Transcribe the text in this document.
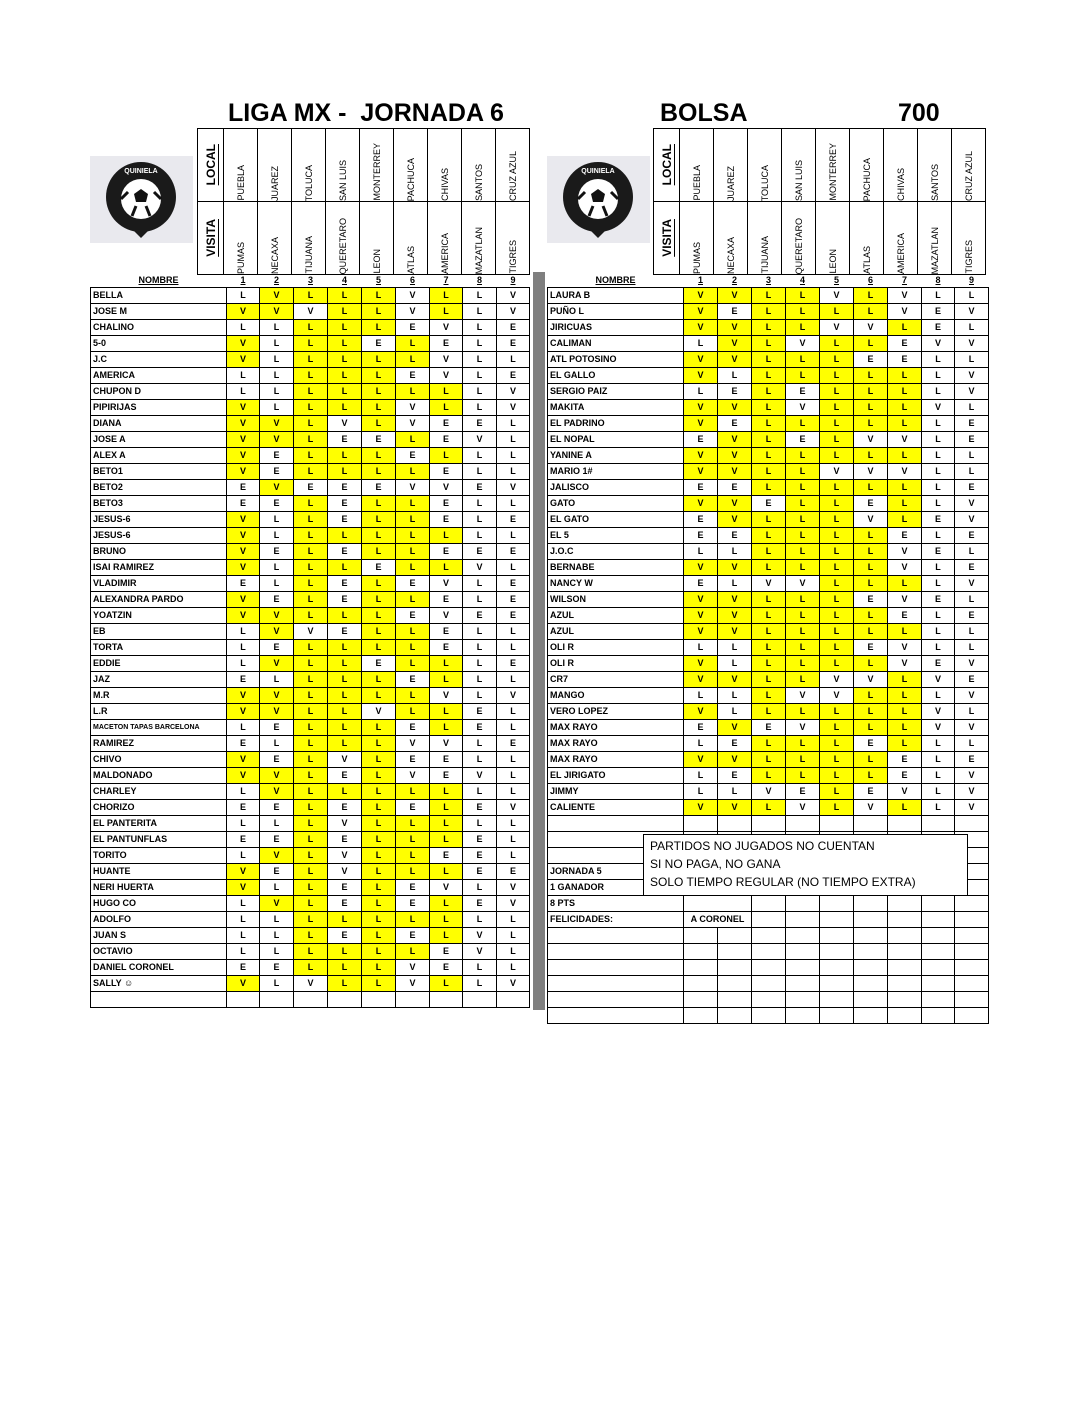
LIGA MX -  JORNADA 6	BOLSA	700
QUINIELA	QUINIELA
LOCAL	PUEBLA	JUAREZ	TOLUCA	SAN LUIS	MONTERREY	PACHUCA	CHIVAS	SANTOS	CRUZ AZUL

VISITA	PUMAS	NECAXA	TIJUANA	QUERETARO	LEON	ATLAS	AMERICA	MAZATLAN	TIGRES
LOCAL	PUEBLA	JUAREZ	TOLUCA	SAN LUIS	MONTERREY	PACHUCA	CHIVAS	SANTOS	CRUZ AZUL

VISITA	PUMAS	NECAXA	TIJUANA	QUERETARO	LEON	ATLAS	AMERICA	MAZATLAN	TIGRES
NOMBRE	1	2	3	4	5	6	7	8	9
BELLA	L	V	L	L	L	V	L	L	V
JOSE M	V	V	V	L	L	V	L	L	V
CHALINO	L	L	L	L	L	E	V	L	E
5-0	V	L	L	L	E	L	E	L	E
J.C	V	L	L	L	L	L	V	L	L
AMERICA	L	L	L	L	L	E	V	L	E
CHUPON D	L	L	L	L	L	L	L	L	V
PIPIRIJAS	V	L	L	L	L	V	L	L	V
DIANA	V	V	L	V	L	V	E	E	L
JOSE A	V	V	L	E	E	L	E	V	L
ALEX A	V	E	L	L	L	E	L	L	L
BETO1	V	E	L	L	L	L	E	L	L
BETO2	E	V	E	E	E	V	V	E	V
BETO3	E	E	L	E	L	L	E	L	L
JESUS-6	V	L	L	E	L	L	E	L	E
JESUS-6	V	L	L	L	L	L	L	L	L
BRUNO	V	E	L	E	L	L	E	E	E
ISAI RAMIREZ	V	L	L	L	E	L	L	V	L
VLADIMIR	E	L	L	E	L	E	V	L	E
ALEXANDRA PARDO	V	E	L	E	L	L	E	L	E
YOATZIN	V	V	L	L	L	E	V	E	E
EB	L	V	V	E	L	L	E	L	L
TORTA	L	E	L	L	L	L	E	L	L
EDDIE	L	V	L	L	E	L	L	L	E
JAZ	E	L	L	L	L	E	L	L	L
M.R	V	V	L	L	L	L	V	L	V
L.R	V	V	L	L	V	L	L	E	L
MACETON TAPAS BARCELONA	L	E	L	L	L	E	L	E	L
RAMIREZ	E	L	L	L	L	V	V	L	E
CHIVO	V	E	L	V	L	E	E	L	L
MALDONADO	V	V	L	E	L	V	E	V	L
CHARLEY	L	V	L	L	L	L	L	L	L
CHORIZO	E	E	L	E	L	E	L	E	V
EL PANTERITA	L	L	L	V	L	L	L	L	L
EL PANTUNFLAS	E	E	L	E	L	L	L	E	L
TORITO	L	V	L	V	L	L	E	E	L
HUANTE	V	E	L	V	L	L	L	E	E
NERI HUERTA	V	L	L	E	L	E	V	L	V
HUGO CO	L	V	L	E	L	E	L	E	V
ADOLFO	L	L	L	L	L	L	L	L	L
JUAN S	L	L	L	E	L	E	L	V	L
OCTAVIO	L	L	L	L	L	L	E	V	L
DANIEL CORONEL	E	E	L	L	L	V	E	L	L
SALLY ☺	V	L	V	L	L	V	L	L	V

NOMBRE	1	2	3	4	5	6	7	8	9
LAURA B	V	V	L	L	V	L	V	L	L
PUÑO L	V	E	L	L	L	L	V	E	V
JIRICUAS	V	V	L	L	V	V	L	E	L
CALIMAN	L	V	L	V	L	L	E	V	V
ATL POTOSINO	V	V	L	L	L	E	E	L	L
EL GALLO	V	L	L	L	L	L	L	L	V
SERGIO PAIZ	L	E	L	E	L	L	L	L	V
MAKITA	V	V	L	V	L	L	L	V	L
EL PADRINO	V	E	L	L	L	L	L	L	E
EL NOPAL	E	V	L	E	L	V	V	L	E
YANINE A	V	V	L	L	L	L	L	L	L
MARIO 1#	V	V	L	L	V	V	V	L	L
JALISCO	E	E	L	L	L	L	L	L	E
GATO	V	V	E	L	L	E	L	L	V
EL GATO	E	V	L	L	L	V	L	E	V
EL 5	E	E	L	L	L	L	E	L	E
J.O.C	L	L	L	L	L	L	V	E	L
BERNABE	V	V	L	L	L	L	V	L	E
NANCY W	E	L	V	V	L	L	L	L	V
WILSON	V	V	L	L	L	E	V	E	L
AZUL	V	V	L	L	L	L	E	L	E
AZUL	V	V	L	L	L	L	L	L	L
OLI R	L	L	L	L	L	E	V	L	L
OLI R	V	L	L	L	L	L	V	E	V
CR7	V	V	L	L	V	V	L	V	E
MANGO	L	L	L	V	V	L	L	L	V
VERO LOPEZ	V	L	L	L	L	L	L	V	L
MAX RAYO	E	V	E	V	L	L	L	V	V
MAX RAYO	L	E	L	L	L	E	L	L	L
MAX RAYO	V	V	L	L	L	L	E	L	E
EL JIRIGATO	L	E	L	L	L	L	E	L	V
JIMMY	L	L	V	E	L	E	V	L	V
CALIENTE	V	V	L	V	L	V	L	L	V

JORNADA 5									
1 GANADOR									
8 PTS									
FELICIDADES:	A CORONEL								

PARTIDOS NO JUGADOS NO CUENTAN
SI NO PAGA, NO GANA
SOLO TIEMPO REGULAR (NO TIEMPO EXTRA)
